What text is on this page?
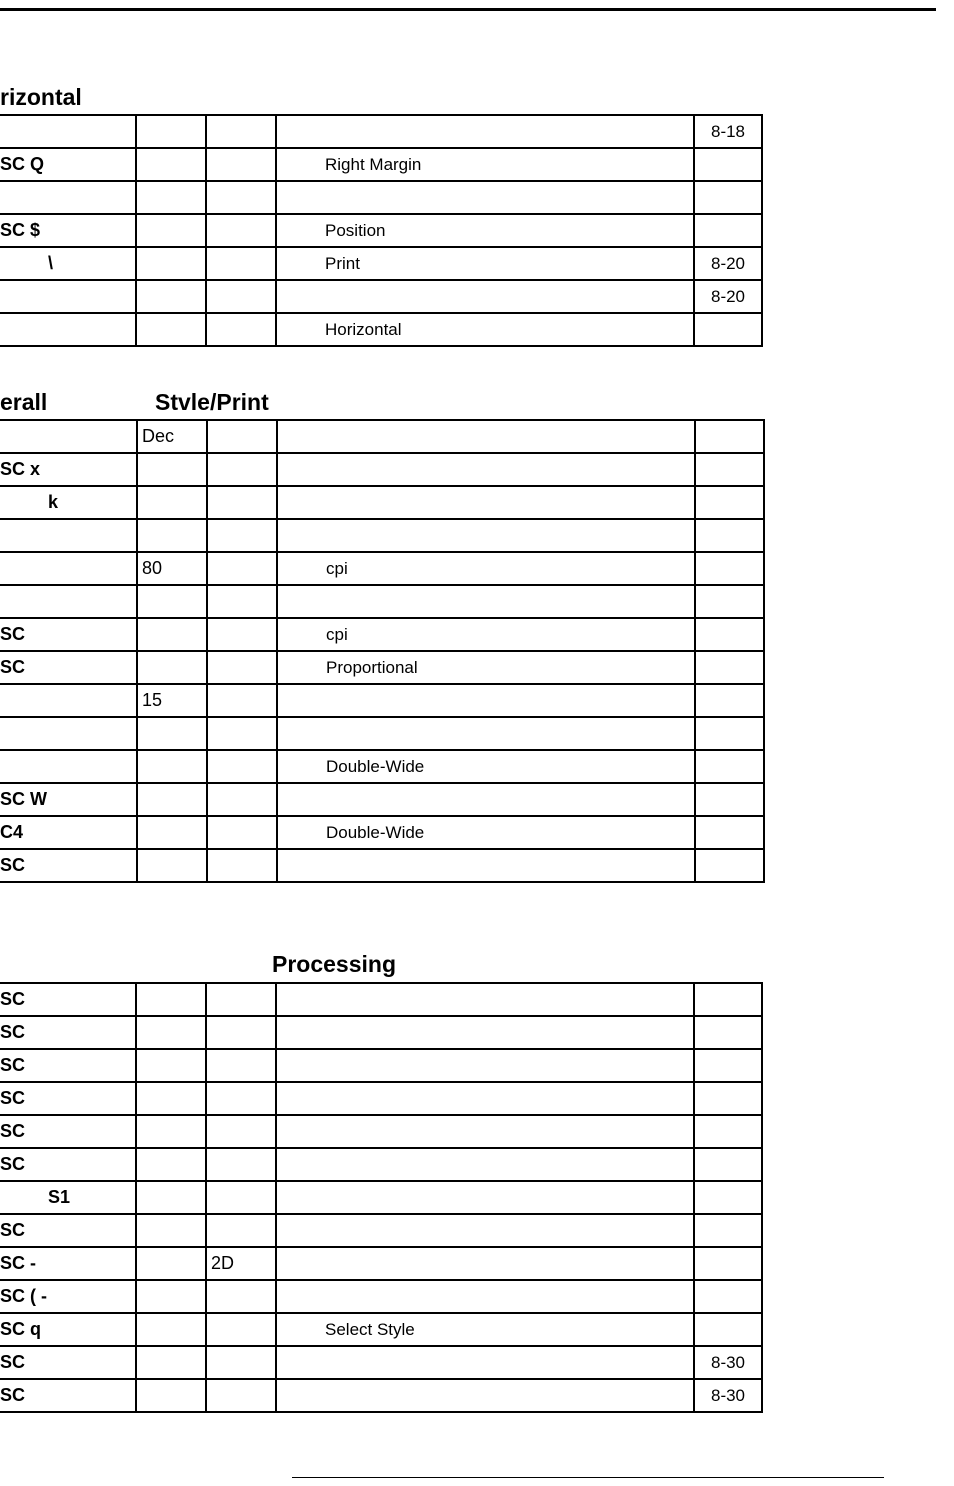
rizontal
				8-18
SC Q			Right Margin	

SC $			Position	
\			Print	8-20
				8-20
			Horizontal	
erall	Stvle/Print
	Dec			
SC x				
k				

	80		cpi	

SC			cpi	
SC			Proportional	
	15			

			Double-Wide	
SC W				
C4			Double-Wide	
SC				
Processing
SC				
SC				
SC				
SC				
SC				
SC				
S1				
SC				
SC -		2D		
SC ( -				
SC q			Select Style	
SC				8-30
SC				8-30
